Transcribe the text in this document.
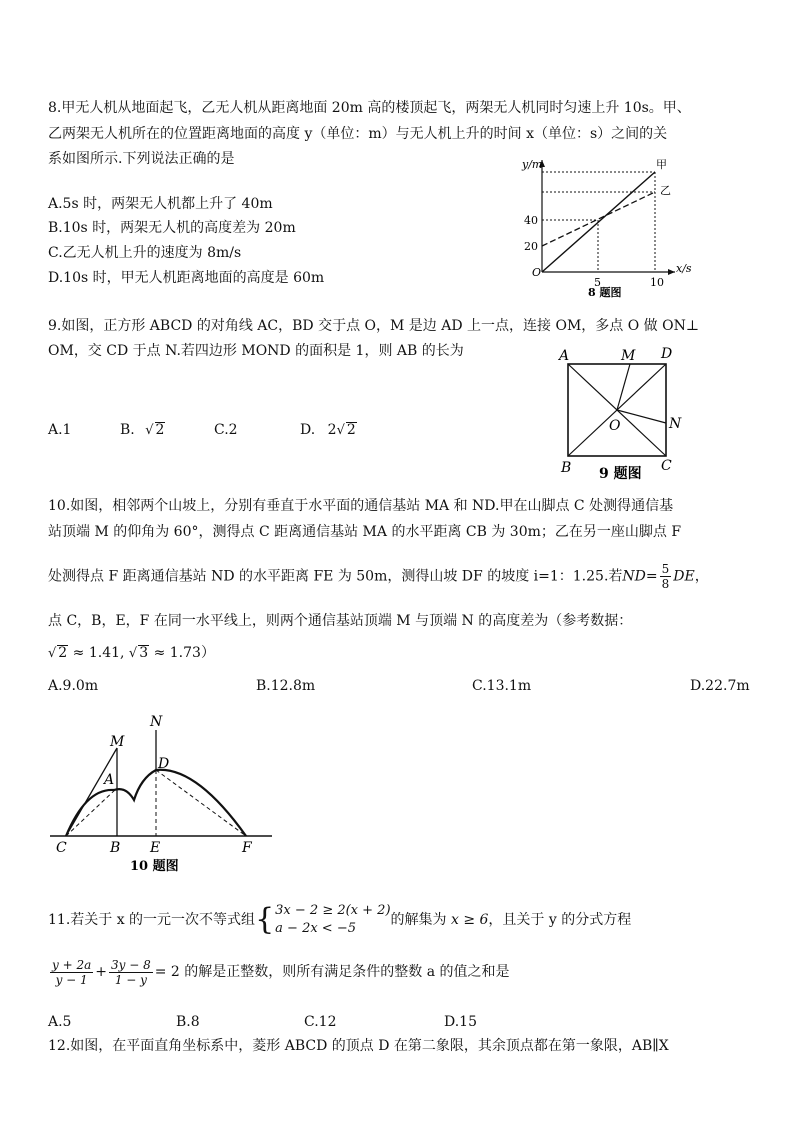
8.甲无人机从地面起飞，乙无人机从距离地面 20m 高的楼顶起飞，两架无人机同时匀速上升 10s。甲、
乙两架无人机所在的位置距离地面的高度 y（单位：m）与无人机上升的时间 x（单位：s）之间的关
系如图所示.下列说法正确的是
A.5s 时，两架无人机都上升了 40m
B.10s 时，两架无人机的高度差为 20m
C.乙无人机上升的速度为 8m/s
D.10s 时，甲无人机距离地面的高度是 60m
y/m
x/s
40
20
O
5	10
甲
乙
8 题图
9.如图，正方形 ABCD 的对角线 AC，BD 交于点 O，M 是边 AD 上一点，连接 OM，多点 O 做 ON⊥
OM，交 CD 于点 N.若四边形 MOND 的面积是 1，则 AB 的长为
A.1	B. √ 2	C.2	D. 2√ 2
A	M D
N
O
B	C
9 题图
10.如图，相邻两个山坡上，分别有垂直于水平面的通信基站 MA 和 ND.甲在山脚点 C 处测得通信基
站顶端 M 的仰角为 60°，测得点 C 距离通信基站 MA 的水平距离 CB 为 30m；乙在另一座山脚点 F
处测得点 F 距离通信基站 ND 的水平距离 FE 为 50m，测得山坡 DF 的坡度 i=1：1.25.若$ND= \frac{5}{8}$ DE，
点 C，B，E，F 在同一水平线上，则两个通信基站顶端 M 与顶端 N 的高度差为（参考数据：
√ 2 ≈ 1.41, √ 3 ≈ 1.73）
A.9.0m	B.12.8m	C.13.1m	D.22.7m
N
M
A
D
C	B E	F
10 题图
11.若关于 x 的一元一次不等式组{ 3x − 2 ≥ 2(x + 2)
a − 2x < −5
的解集为 x ≥ 6，且关于 y 的分式方程
$\frac{y + 2a}{y - 1} + \frac{3y - 8}{1 - y} = 2$ 的解是正整数，则所有满足条件的整数 a 的值之和是
A.5	B.8	C.12	D.15
12.如图，在平面直角坐标系中，菱形 ABCD 的顶点 D 在第二象限，其余顶点都在第一象限，AB∥X
